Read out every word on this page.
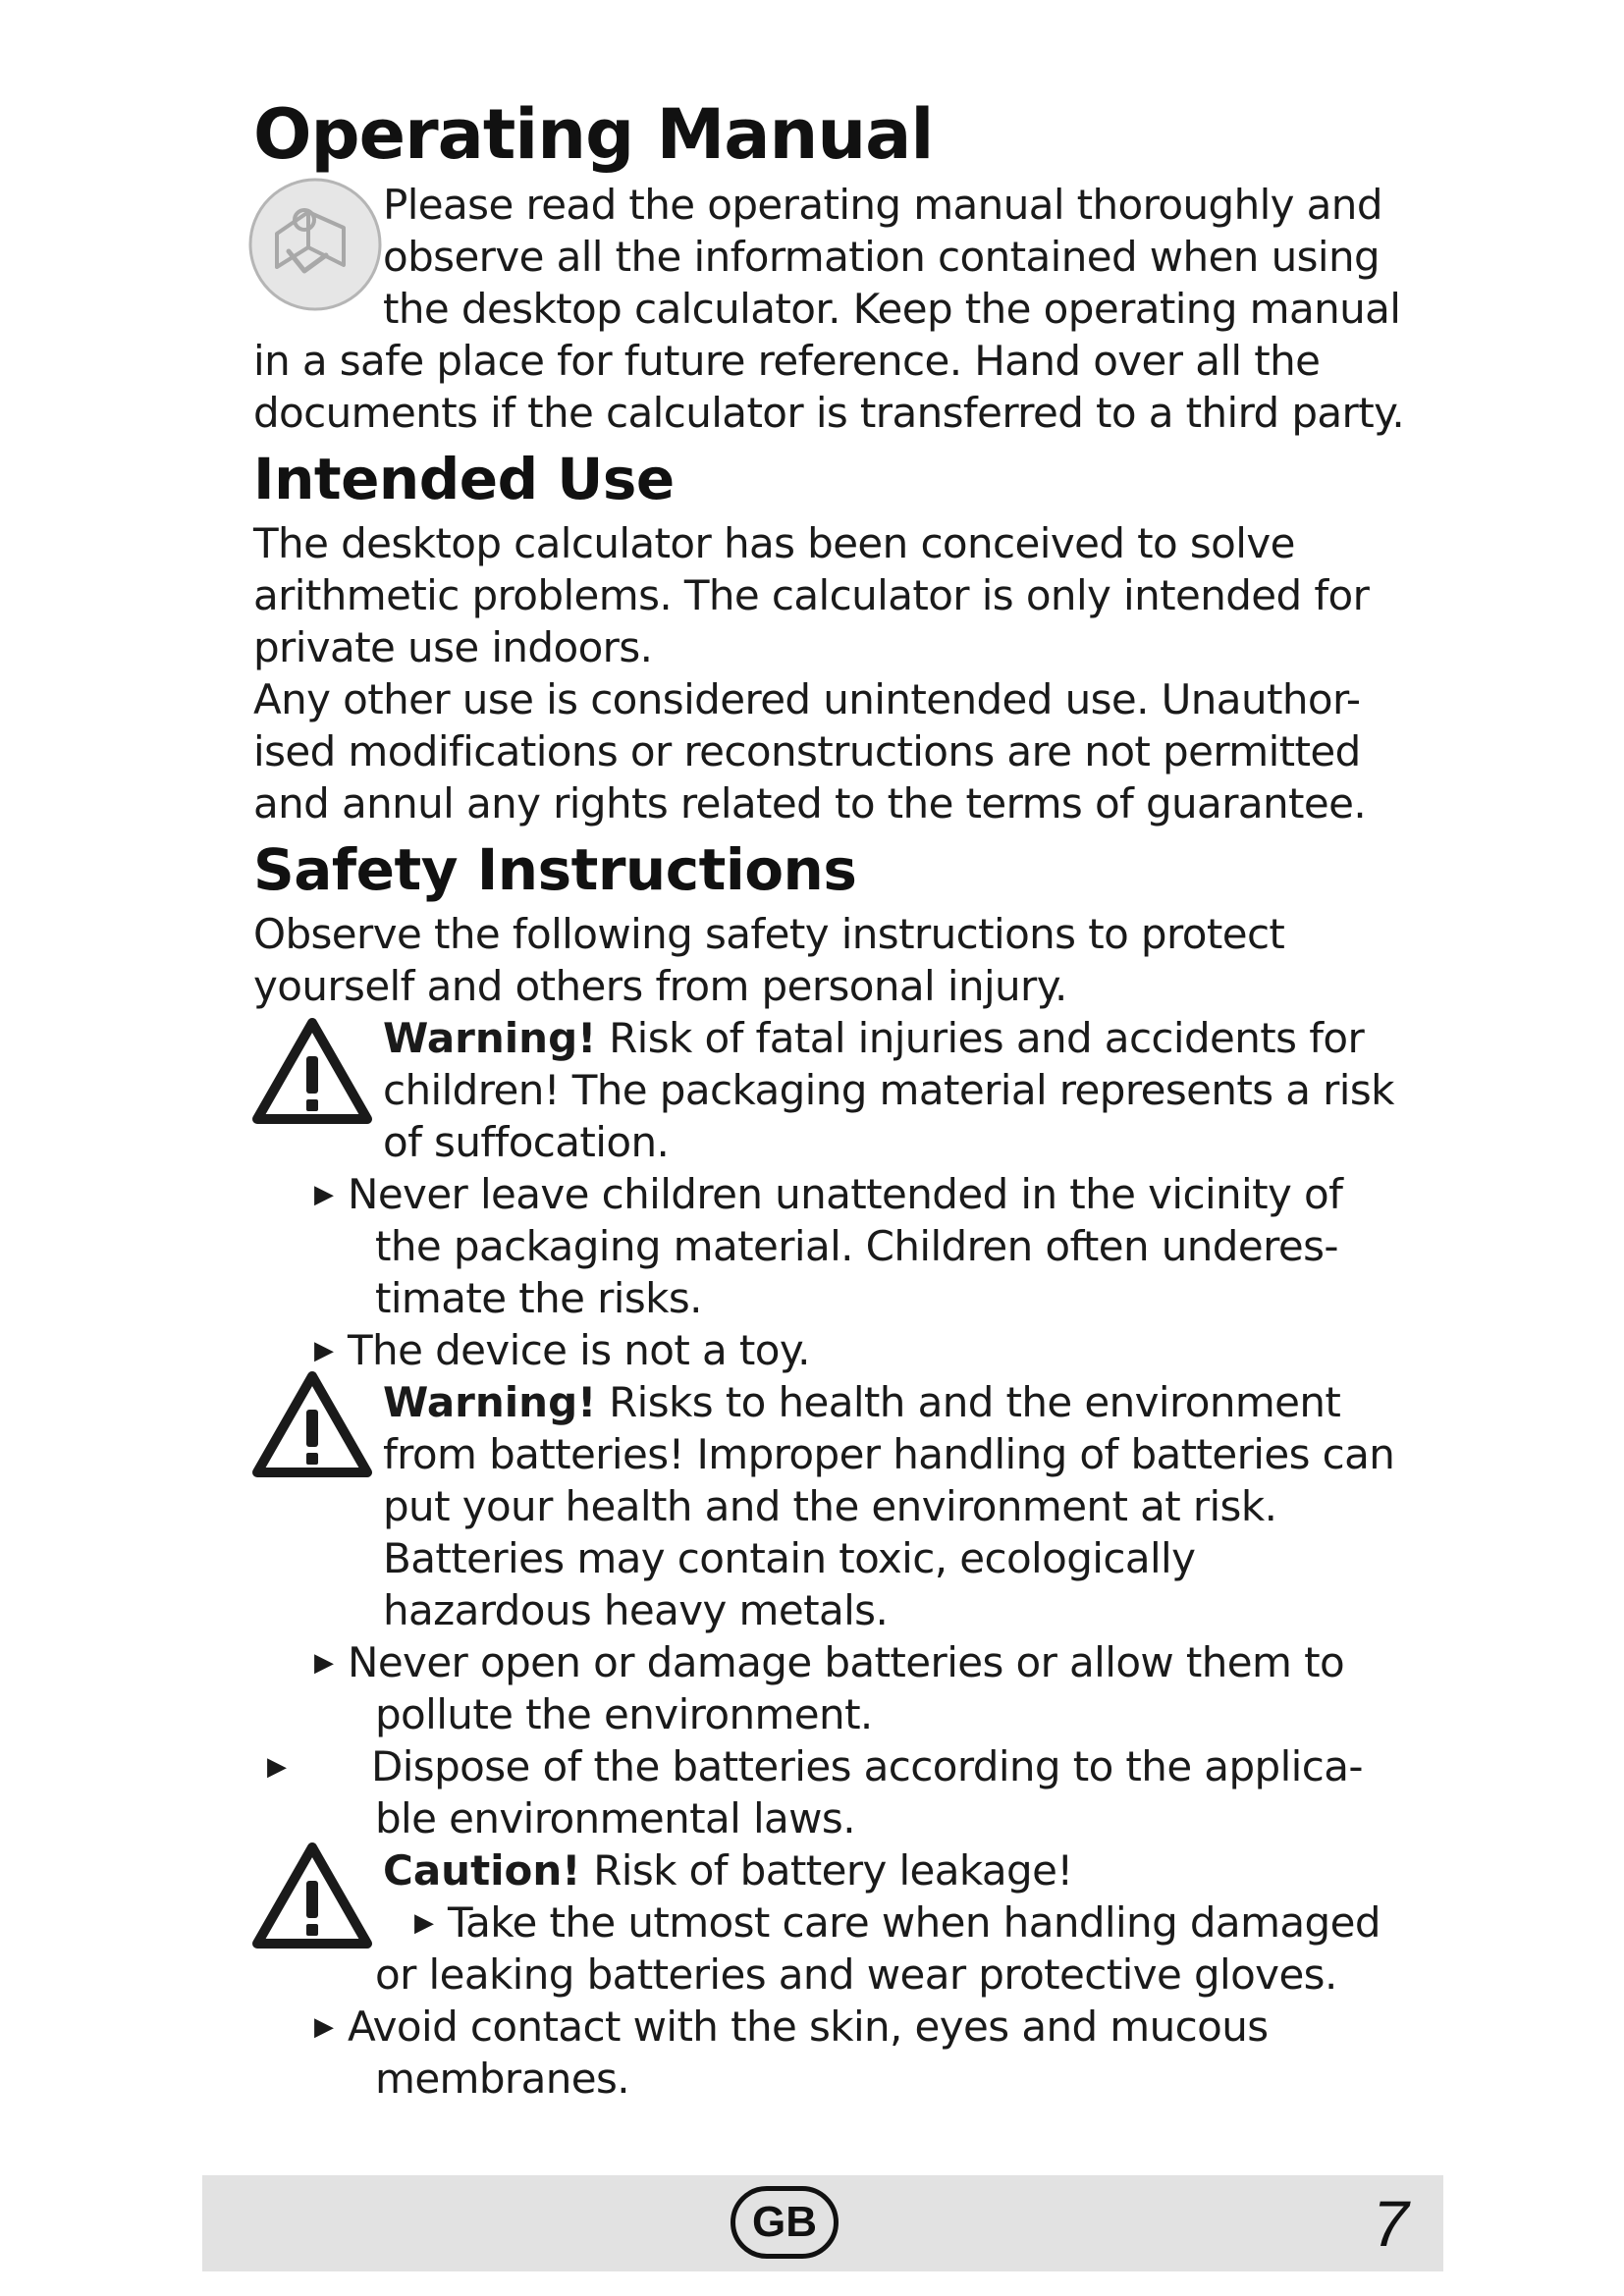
Operating Manual
Please read the operating manual thoroughly and
observe all the information contained when using
the desktop calculator. Keep the operating manual
in a safe place for future reference. Hand over all the
documents if the calculator is transferred to a third party.
Intended Use
The desktop calculator has been conceived to solve
arithmetic problems. The calculator is only intended for
private use indoors.
Any other use is considered unintended use. Unauthor-
ised modifications or reconstructions are not permitted
and annul any rights related to the terms of guarantee.
Safety Instructions
Observe the following safety instructions to protect
yourself and others from personal injury.
Warning! Risk of fatal injuries and accidents for
children! The packaging material represents a risk
of suffocation.
▶ Never leave children unattended in the vicinity of
the packaging material. Children often underes-
timate the risks.
▶ The device is not a toy.
Warning! Risks to health and the environment
from batteries! Improper handling of batteries can
put your health and the environment at risk.
Batteries may contain toxic, ecologically
hazardous heavy metals.
▶ Never open or damage batteries or allow them to
pollute the environment.
▶ Dispose of the batteries according to the applica-
ble environmental laws.
Caution! Risk of battery leakage!
▶ Take the utmost care when handling damaged
or leaking batteries and wear protective gloves.
▶ Avoid contact with the skin, eyes and mucous
membranes.
GB	7
